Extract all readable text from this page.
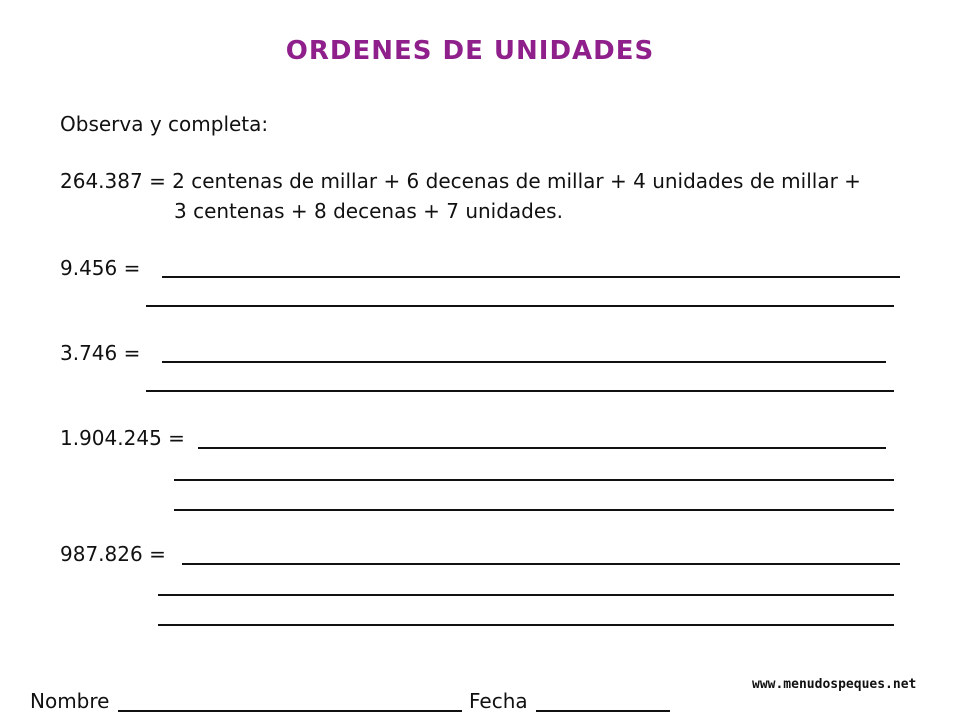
ORDENES DE UNIDADES
Observa y completa:
264.387 = 2 centenas de millar + 6 decenas de millar + 4 unidades de millar +
3 centenas + 8 decenas + 7 unidades.
9.456 =
3.746 =
1.904.245 =
987.826 =
Nombre	Fecha
www.menudospeques.net
